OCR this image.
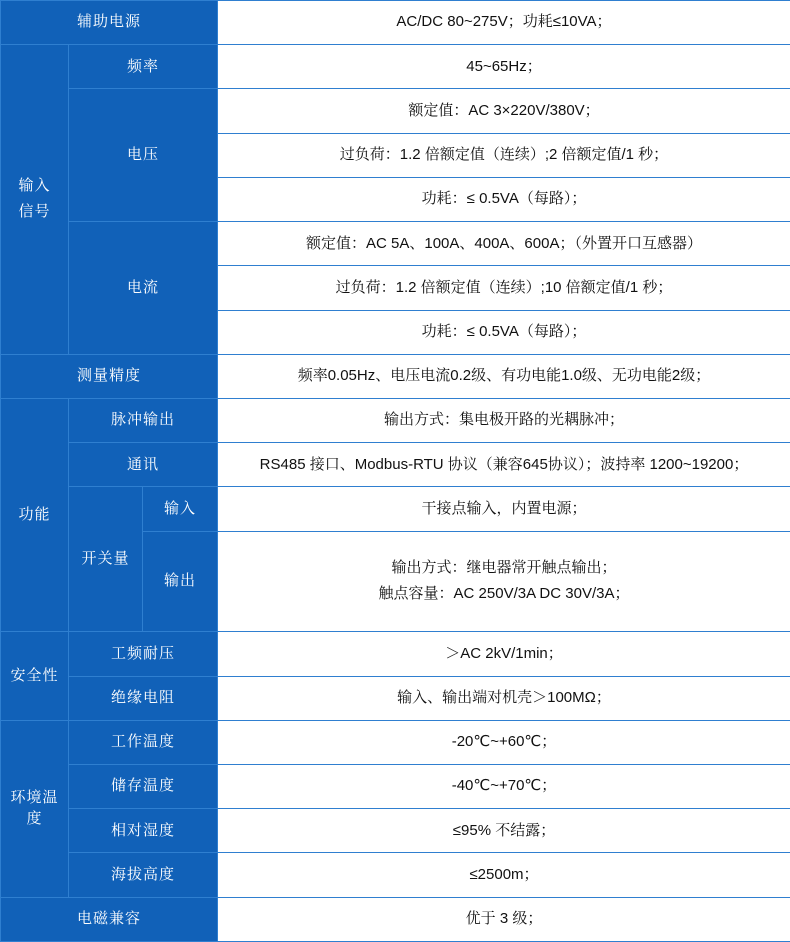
辅助电源			AC/DC 80~275V；功耗≤10VA；

输入
信号	频率		45~65Hz；
	电压		额定值：AC 3×220V/380V；
			过负荷：1.2 倍额定值（连续）;2 倍额定值/1 秒；
			功耗：≤ 0.5VA（每路）；
	电流		额定值：AC 5A、100A、400A、600A；（外置开口互感器）
			过负荷：1.2 倍额定值（连续）;10 倍额定值/1 秒；
			功耗：≤ 0.5VA（每路）；
测量精度			频率0.05Hz、电压电流0.2级、有功电能1.0级、无功电能2级；
功能	脉冲输出		输出方式：集电极开路的光耦脉冲；
	通讯		RS485 接口、Modbus-RTU 协议（兼容645协议）；波持率 1200~19200；
	开关量	输入	干接点输入，内置电源；
		输出	输出方式：继电器常开触点输出；
触点容量：AC 250V/3A DC 30V/3A；

安全性	工频耐压		＞AC 2kV/1min；
	绝缘电阻		输入、输出端对机壳＞100MΩ；
环境温度	工作温度		-20℃~+60℃；
	储存温度		-40℃~+70℃；
	相对湿度		≤95% 不结露；
	海拔高度		≤2500m；
电磁兼容			优于 3 级；
